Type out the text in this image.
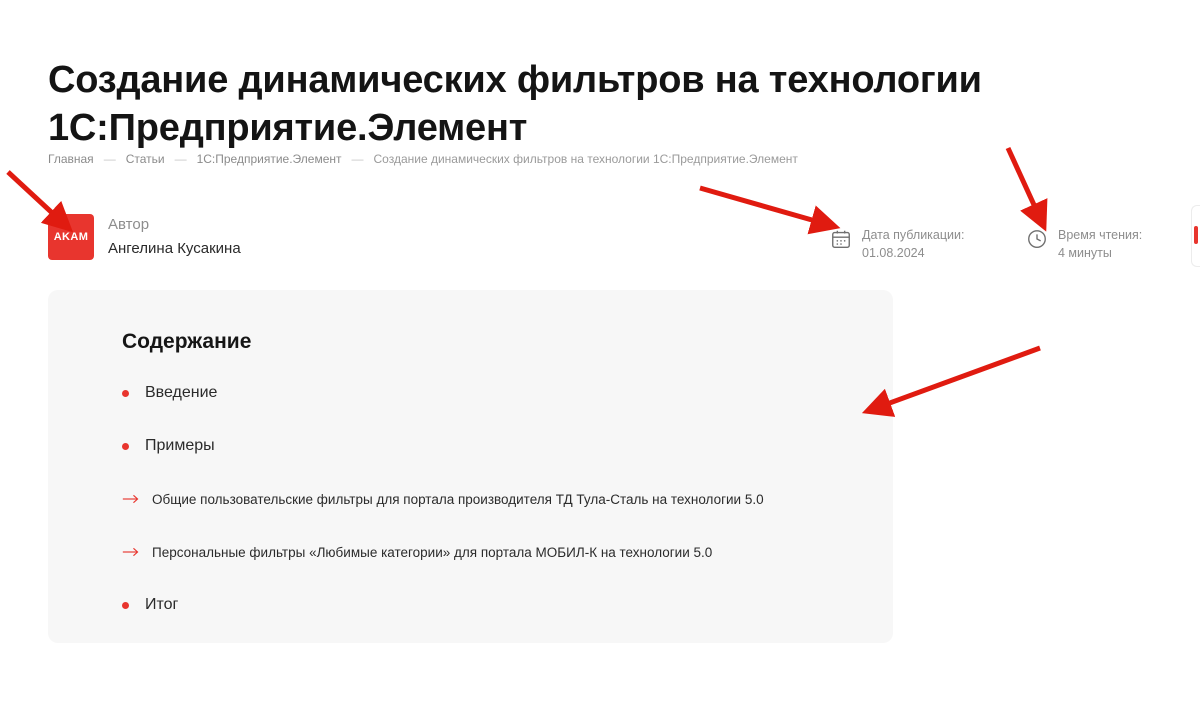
Создание динамических фильтров на технологии 1С:Предприятие.Элемент
Главная — Статьи — 1С:Предприятие.Элемент — Создание динамических фильтров на технологии 1С:Предприятие.Элемент
AKAM
Автор
Ангелина Кусакина
Дата публикации:
01.08.2024
Время чтения:
4 минуты
Содержание
Введение
Примеры
Общие пользовательские фильтры для портала производителя ТД Тула-Сталь на технологии 5.0
Персональные фильтры «Любимые категории» для портала МОБИЛ-К на технологии 5.0
Итог
